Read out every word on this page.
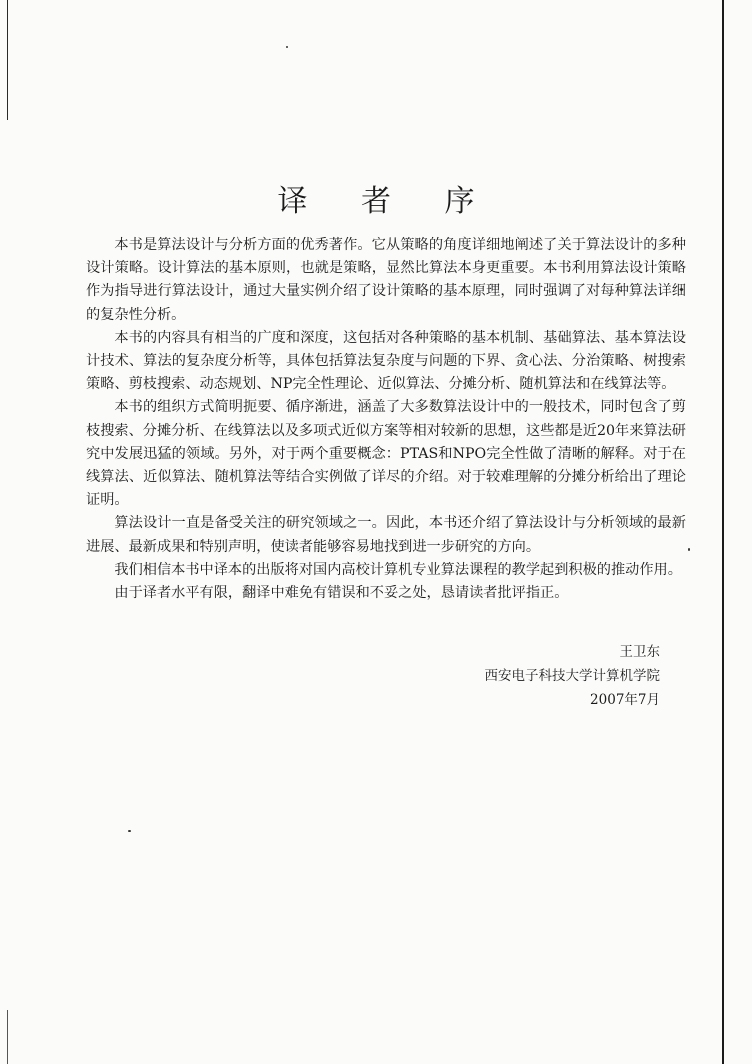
译 者 序

本书是算法设计与分析方面的优秀著作。它从策略的角度详细地阐述了关于算法设计的多种设计策略。设计算法的基本原则，也就是策略，显然比算法本身更重要。本书利用算法设计策略作为指导进行算法设计，通过大量实例介绍了设计策略的基本原理，同时强调了对每种算法详细的复杂性分析。

本书的内容具有相当的广度和深度，这包括对各种策略的基本机制、基础算法、基本算法设计技术、算法的复杂度分析等，具体包括算法复杂度与问题的下界、贪心法、分治策略、树搜索策略、剪枝搜索、动态规划、NP完全性理论、近似算法、分摊分析、随机算法和在线算法等。

本书的组织方式简明扼要、循序渐进，涵盖了大多数算法设计中的一般技术，同时包含了剪枝搜索、分摊分析、在线算法以及多项式近似方案等相对较新的思想，这些都是近20年来算法研究中发展迅猛的领域。另外，对于两个重要概念：PTAS和NPO完全性做了清晰的解释。对于在线算法、近似算法、随机算法等结合实例做了详尽的介绍。对于较难理解的分摊分析给出了理论证明。

算法设计一直是备受关注的研究领域之一。因此，本书还介绍了算法设计与分析领域的最新进展、最新成果和特别声明，使读者能够容易地找到进一步研究的方向。

我们相信本书中译本的出版将对国内高校计算机专业算法课程的教学起到积极的推动作用。

由于译者水平有限，翻译中难免有错误和不妥之处，恳请读者批评指正。

王卫东
西安电子科技大学计算机学院
2007年7月
